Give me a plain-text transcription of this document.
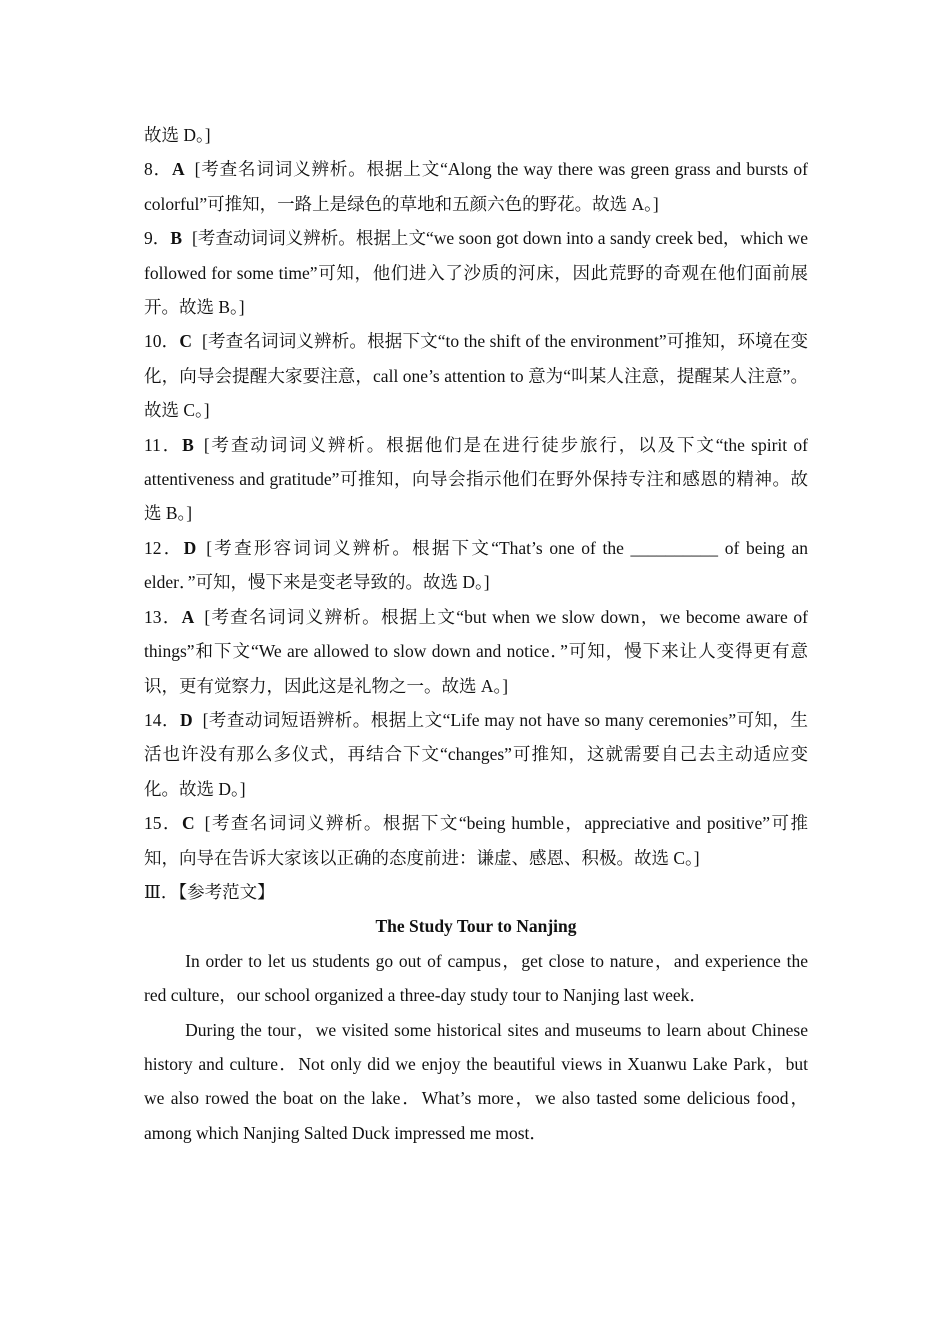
故选 D。]

8．A [考查名词词义辨析。根据上文“Along the way there was green grass and bursts of colorful”可推知，一路上是绿色的草地和五颜六色的野花。故选 A。]

9．B [考查动词词义辨析。根据上文“we soon got down into a sandy creek bed，which we followed for some time”可知，他们进入了沙质的河床，因此荒野的奇观在他们面前展开。故选 B。]

10．C [考查名词词义辨析。根据下文“to the shift of the environment”可推知，环境在变化，向导会提醒大家要注意，call one’s attention to 意为“叫某人注意，提醒某人注意”。故选 C。]

11．B [考查动词词义辨析。根据他们是在进行徒步旅行，以及下文“the spirit of attentiveness and gratitude”可推知，向导会指示他们在野外保持专注和感恩的精神。故选 B。]

12．D [考查形容词词义辨析。根据下文“That’s one of the __________ of being an elder．”可知，慢下来是变老导致的。故选 D。]

13．A [考查名词词义辨析。根据上文“but when we slow down，we become aware of things”和下文“We are allowed to slow down and notice．”可知，慢下来让人变得更有意识，更有觉察力，因此这是礼物之一。故选 A。]

14．D [考查动词短语辨析。根据上文“Life may not have so many ceremonies”可知，生活也许没有那么多仪式，再结合下文“changes”可推知，这就需要自己去主动适应变化。故选 D。]

15．C [考查名词词义辨析。根据下文“being humble，appreciative and positive”可推知，向导在告诉大家该以正确的态度前进：谦虚、感恩、积极。故选 C。]

Ⅲ．【参考范文】

The Study Tour to Nanjing

In order to let us students go out of campus，get close to nature，and experience the red culture，our school organized a three-day study tour to Nanjing last week．

During the tour，we visited some historical sites and museums to learn about Chinese history and culture．Not only did we enjoy the beautiful views in Xuanwu Lake Park，but we also rowed the boat on the lake．What’s more，we also tasted some delicious food，among which Nanjing Salted Duck impressed me most．
